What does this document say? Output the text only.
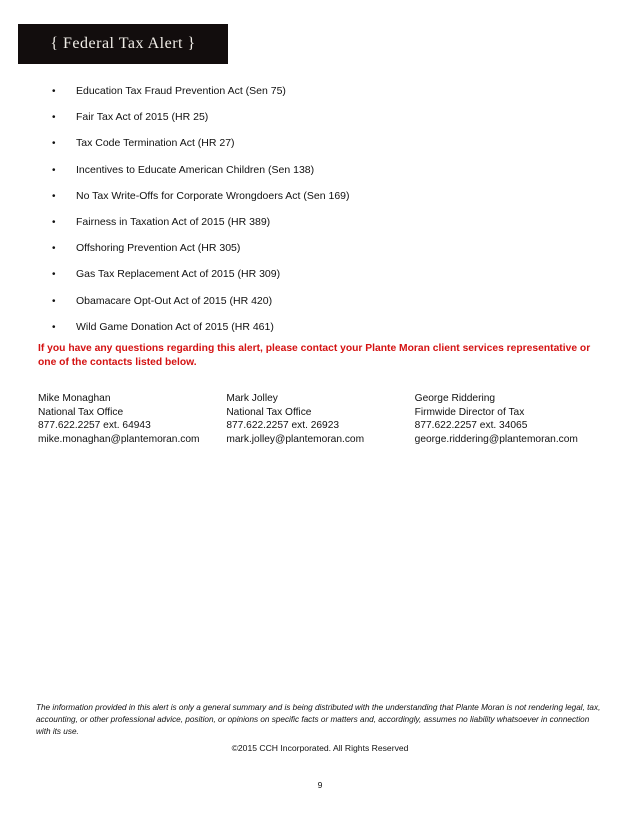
{ Federal Tax Alert }
•	Education Tax Fraud Prevention Act (Sen 75)
•	Fair Tax Act of 2015 (HR 25)
•	Tax Code Termination Act (HR 27)
•	Incentives to Educate American Children (Sen 138)
•	No Tax Write-Offs for Corporate Wrongdoers Act (Sen 169)
•	Fairness in Taxation Act of 2015 (HR 389)
•	Offshoring Prevention Act (HR 305)
•	Gas Tax Replacement Act of 2015 (HR 309)
•	Obamacare Opt-Out Act of 2015 (HR 420)
•	Wild Game Donation Act of 2015 (HR 461)
If you have any questions regarding this alert, please contact your Plante Moran client services representative or one of the contacts listed below.
Mike Monaghan
National Tax Office
877.622.2257 ext. 64943
mike.monaghan@plantemoran.com
Mark Jolley
National Tax Office
877.622.2257 ext. 26923
mark.jolley@plantemoran.com
George Riddering
Firmwide Director of Tax
877.622.2257 ext. 34065
george.riddering@plantemoran.com
The information provided in this alert is only a general summary and is being distributed with the understanding that Plante Moran is not rendering legal, tax, accounting, or other professional advice, position, or opinions on specific facts or matters and, accordingly, assumes no liability whatsoever in connection with its use.
©2015 CCH Incorporated. All Rights Reserved
9
